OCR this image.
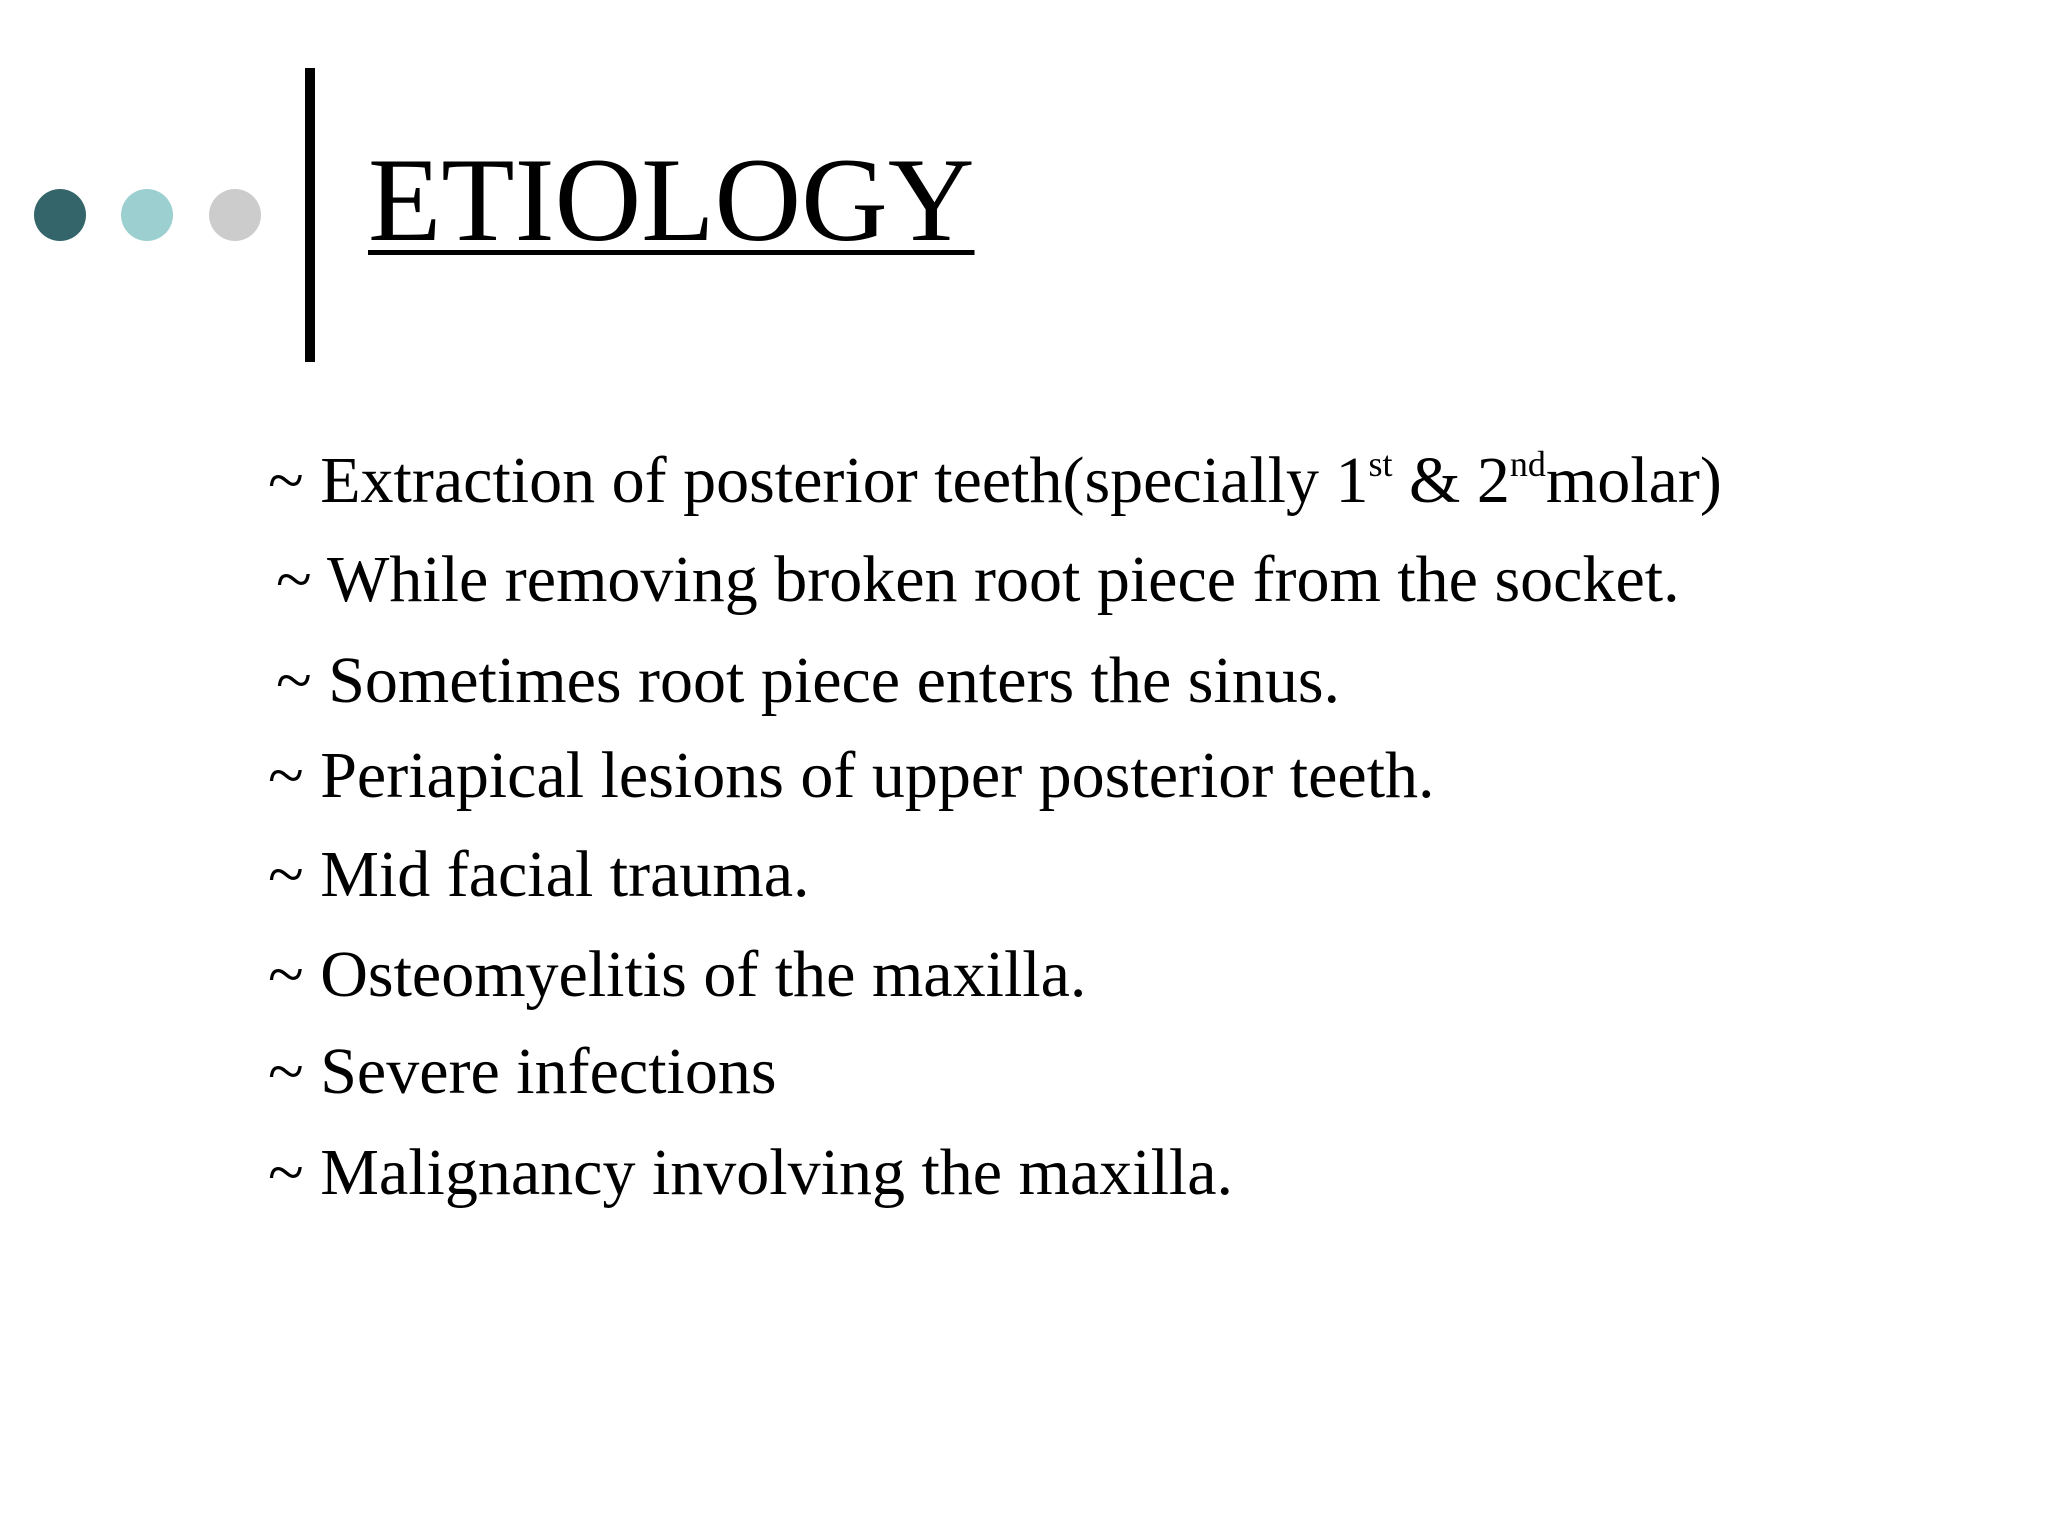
ETIOLOGY
~ Extraction of posterior teeth(specially 1st & 2ndmolar)
~ While removing broken root piece from the socket.
~ Sometimes root piece enters the sinus.
~ Periapical lesions of upper posterior teeth.
~ Mid facial trauma.
~ Osteomyelitis of the maxilla.
~ Severe infections
~ Malignancy involving the maxilla.
